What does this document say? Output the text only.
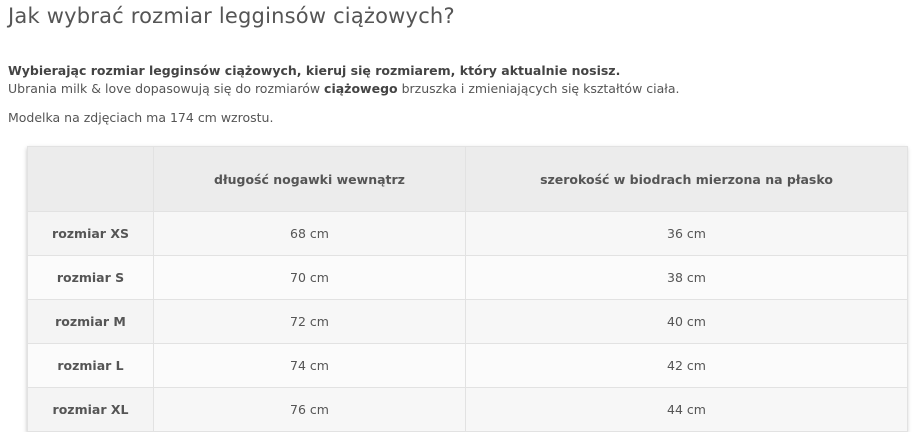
Jak wybrać rozmiar legginsów ciążowych?
Wybierając rozmiar legginsów ciążowych, kieruj się rozmiarem, który aktualnie nosisz.
Ubrania milk & love dopasowują się do rozmiarów ciążowego brzuszka i zmieniających się kształtów ciała.
Modelka na zdjęciach ma 174 cm wzrostu.
	długość nogawki wewnątrz	szerokość w biodrach mierzona na płasko
rozmiar XS	68 cm	36 cm
rozmiar S	70 cm	38 cm
rozmiar M	72 cm	40 cm
rozmiar L	74 cm	42 cm
rozmiar XL	76 cm	44 cm
